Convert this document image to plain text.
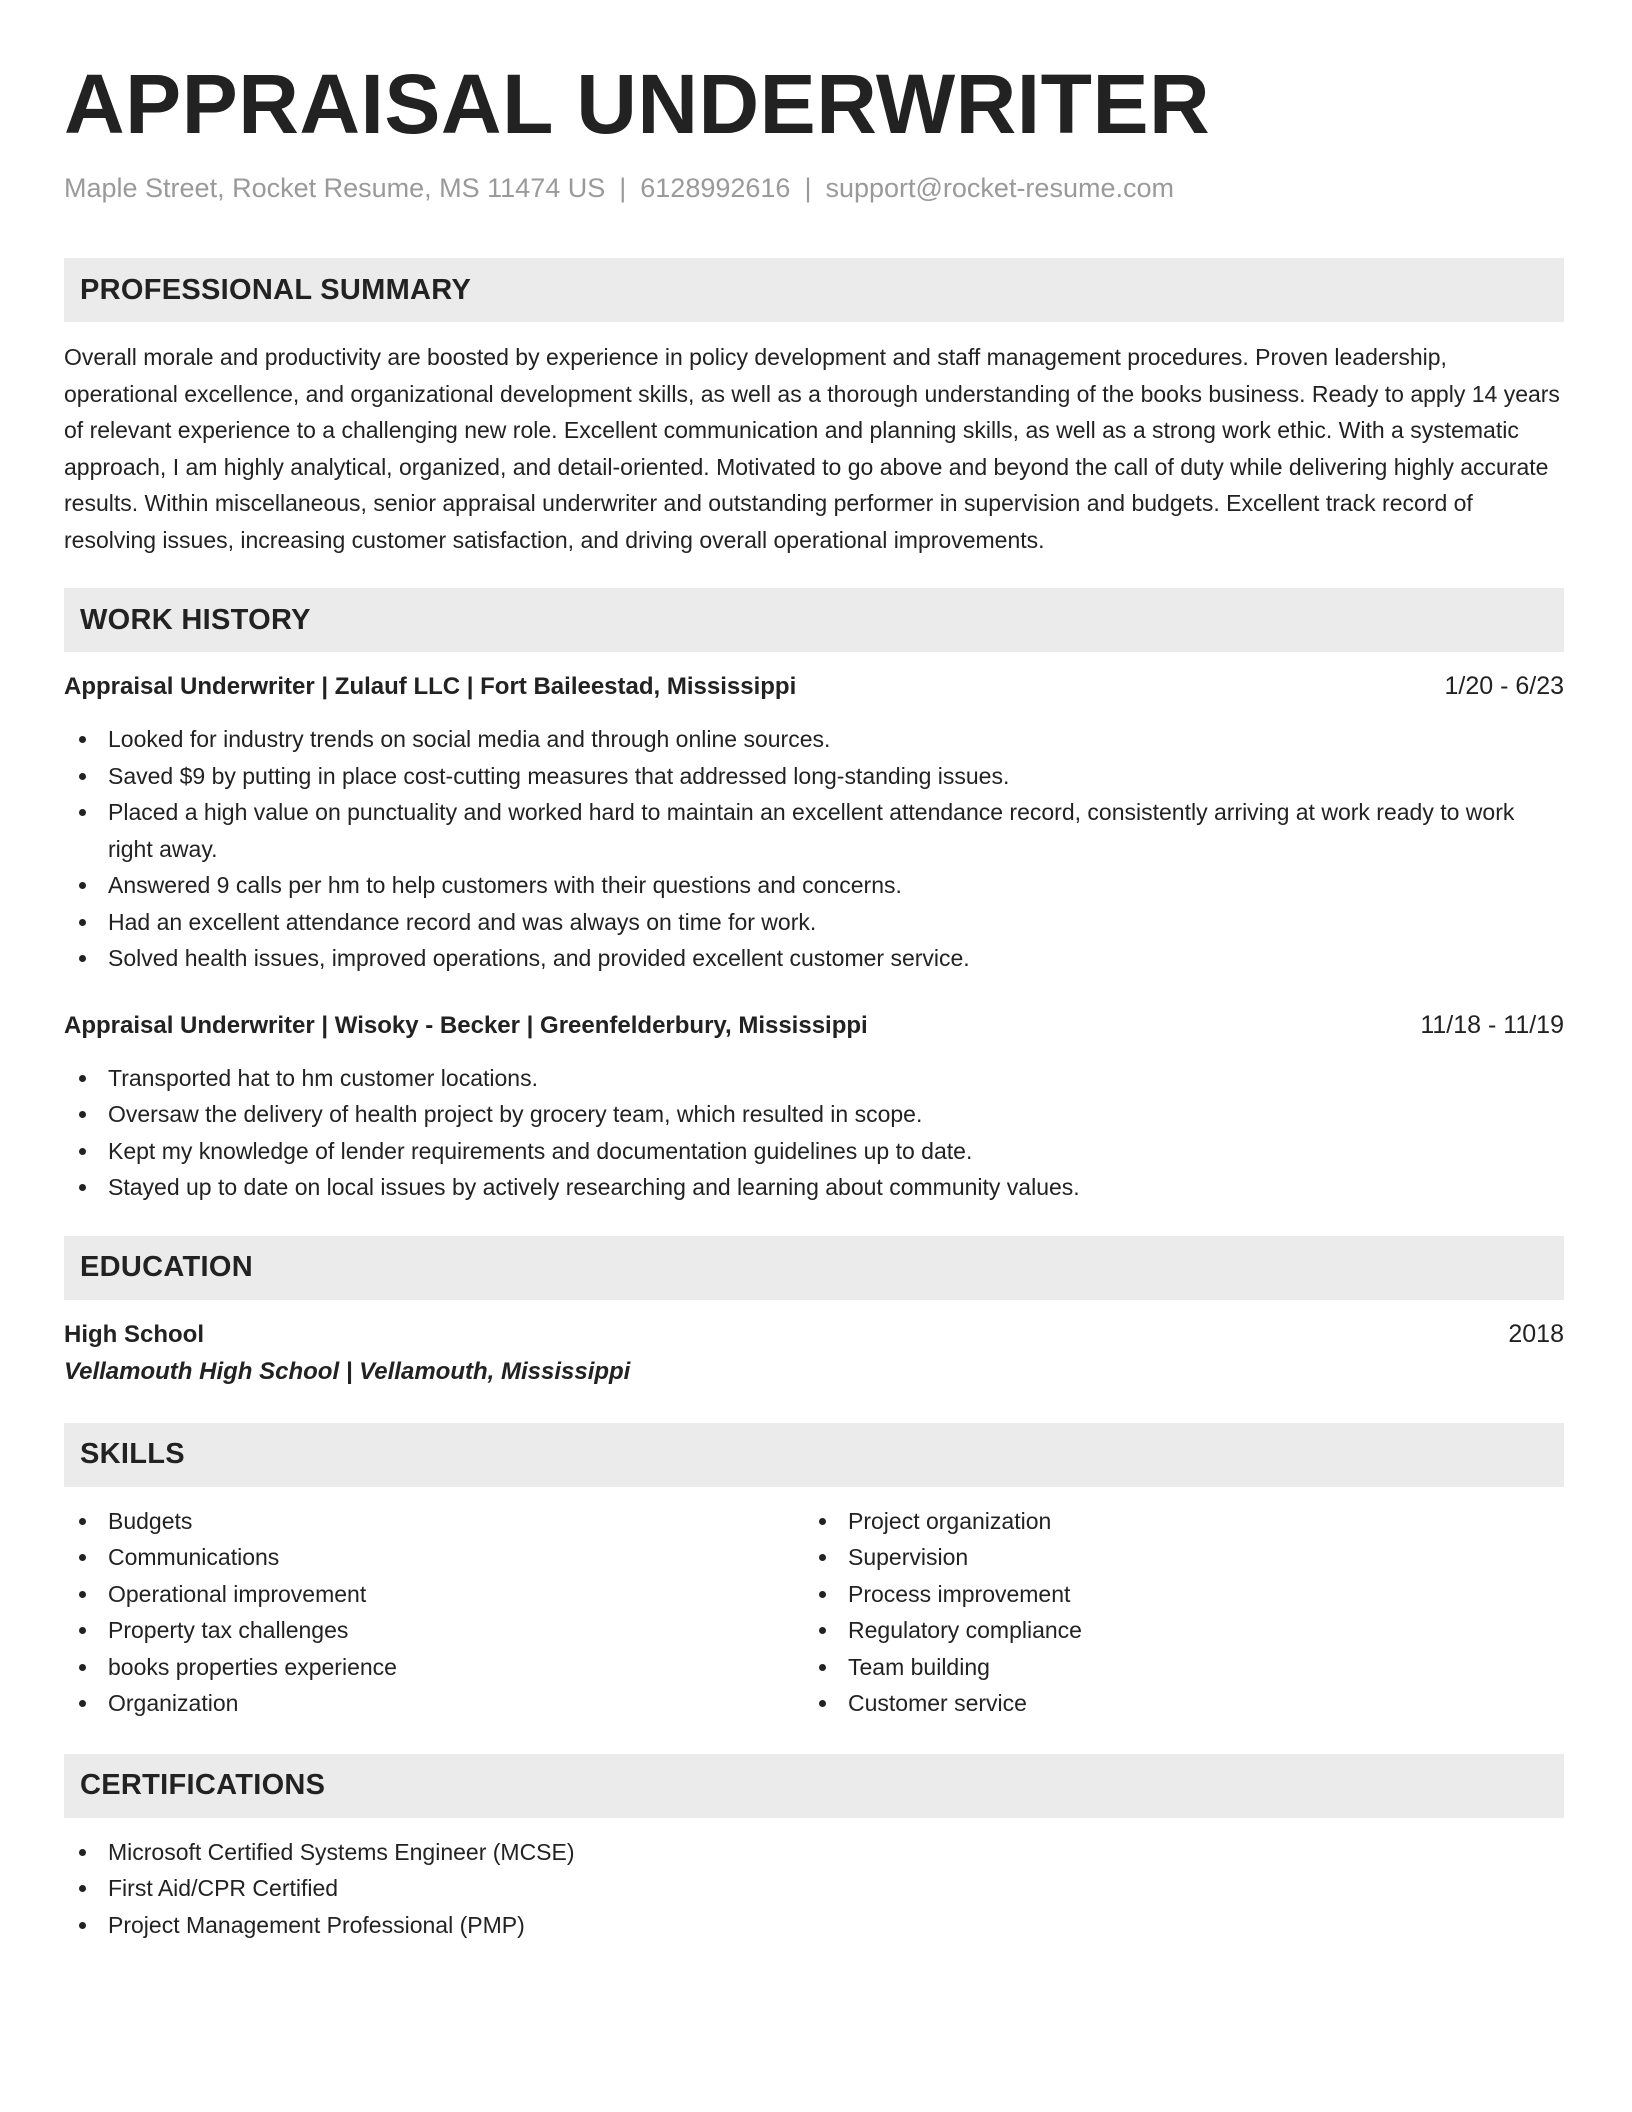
APPRAISAL UNDERWRITER
Maple Street, Rocket Resume, MS 11474 US | 6128992616 | support@rocket-resume.com
PROFESSIONAL SUMMARY
Overall morale and productivity are boosted by experience in policy development and staff management procedures. Proven leadership, operational excellence, and organizational development skills, as well as a thorough understanding of the books business. Ready to apply 14 years of relevant experience to a challenging new role. Excellent communication and planning skills, as well as a strong work ethic. With a systematic approach, I am highly analytical, organized, and detail-oriented. Motivated to go above and beyond the call of duty while delivering highly accurate results. Within miscellaneous, senior appraisal underwriter and outstanding performer in supervision and budgets. Excellent track record of resolving issues, increasing customer satisfaction, and driving overall operational improvements.
WORK HISTORY
Appraisal Underwriter | Zulauf LLC | Fort Baileestad, Mississippi	1/20 - 6/23
Looked for industry trends on social media and through online sources.
Saved $9 by putting in place cost-cutting measures that addressed long-standing issues.
Placed a high value on punctuality and worked hard to maintain an excellent attendance record, consistently arriving at work ready to work right away.
Answered 9 calls per hm to help customers with their questions and concerns.
Had an excellent attendance record and was always on time for work.
Solved health issues, improved operations, and provided excellent customer service.
Appraisal Underwriter | Wisoky - Becker | Greenfelderbury, Mississippi	11/18 - 11/19
Transported hat to hm customer locations.
Oversaw the delivery of health project by grocery team, which resulted in scope.
Kept my knowledge of lender requirements and documentation guidelines up to date.
Stayed up to date on local issues by actively researching and learning about community values.
EDUCATION
High School	2018
Vellamouth High School | Vellamouth, Mississippi
SKILLS
Budgets
Communications
Operational improvement
Property tax challenges
books properties experience
Organization
Project organization
Supervision
Process improvement
Regulatory compliance
Team building
Customer service
CERTIFICATIONS
Microsoft Certified Systems Engineer (MCSE)
First Aid/CPR Certified
Project Management Professional (PMP)
